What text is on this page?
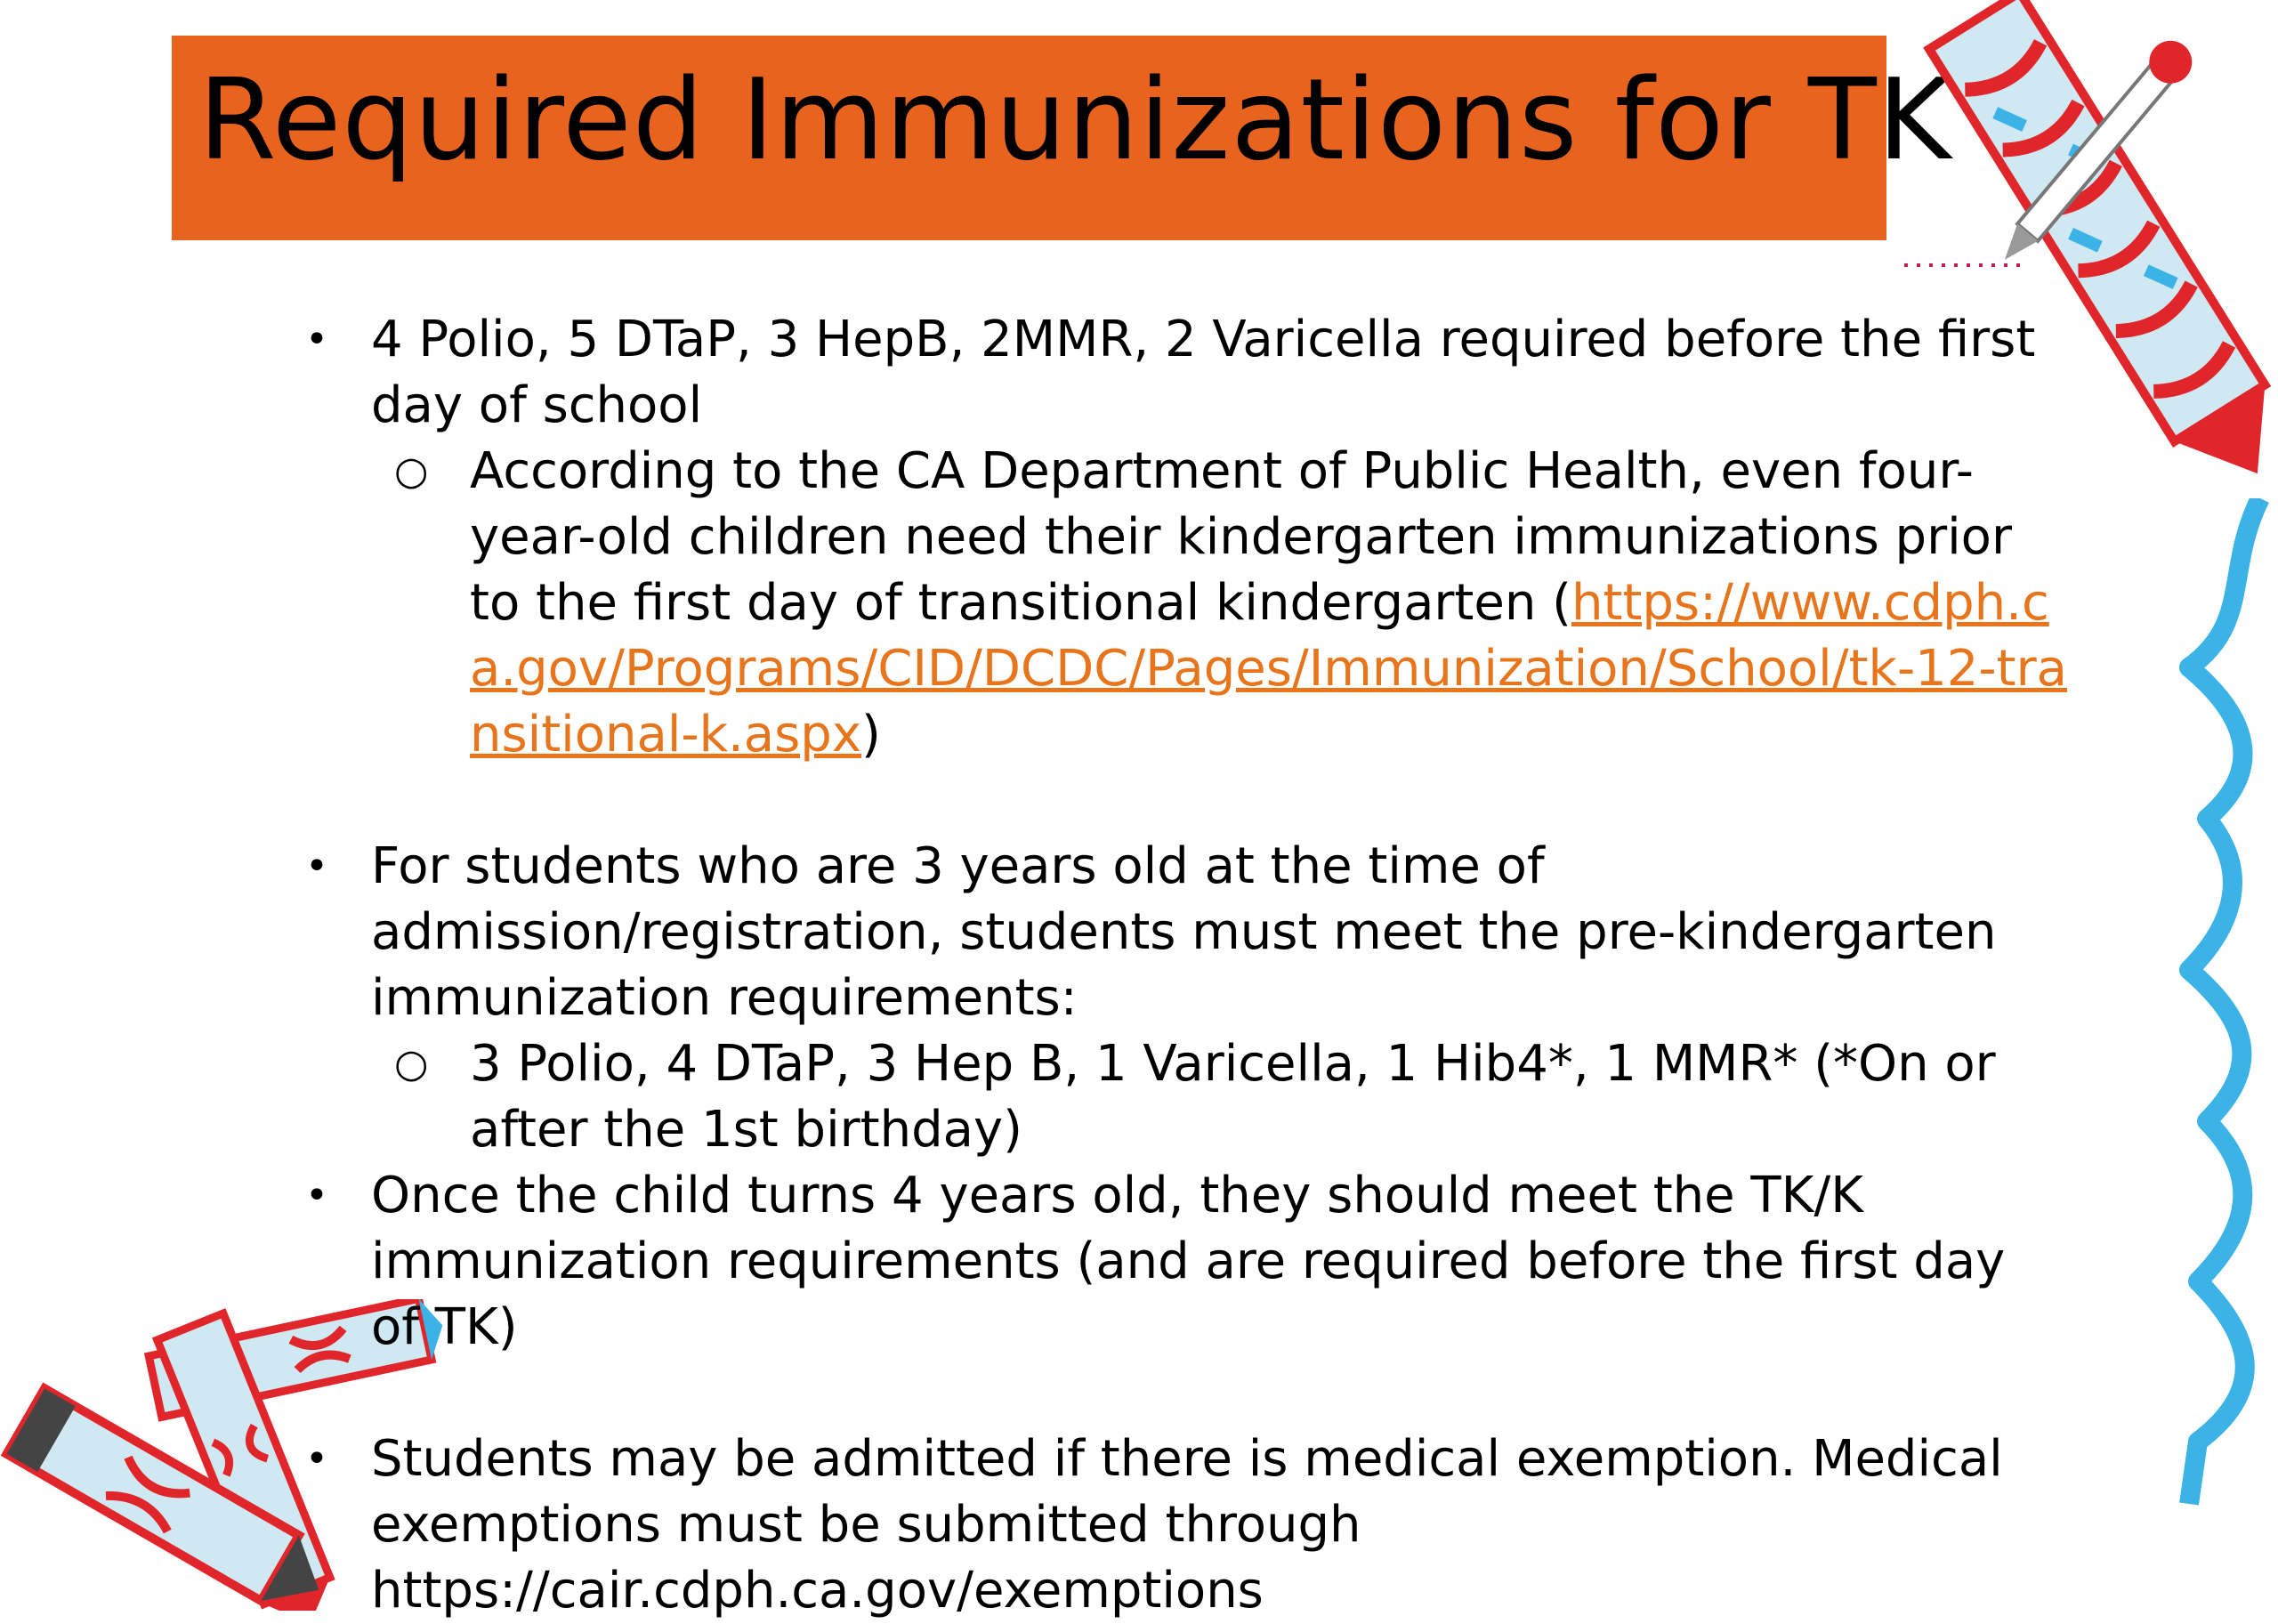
Required Immunizations for TK
• 4 Polio, 5 DTaP, 3 HepB, 2MMR, 2 Varicella required before the first day of school
○ According to the CA Department of Public Health, even four-year-old children need their kindergarten immunizations prior to the first day of transitional kindergarten (https://www.cdph.ca.gov/Programs/CID/DCDC/Pages/Immunization/School/tk-12-transitional-k.aspx)
• For students who are 3 years old at the time of admission/registration, students must meet the pre-kindergarten immunization requirements:
○ 3 Polio, 4 DTaP, 3 Hep B, 1 Varicella, 1 Hib4*, 1 MMR* (*On or after the 1st birthday)
• Once the child turns 4 years old, they should meet the TK/K immunization requirements (and are required before the first day of TK)
• Students may be admitted if there is medical exemption. Medical exemptions must be submitted through https://cair.cdph.ca.gov/exemptions
